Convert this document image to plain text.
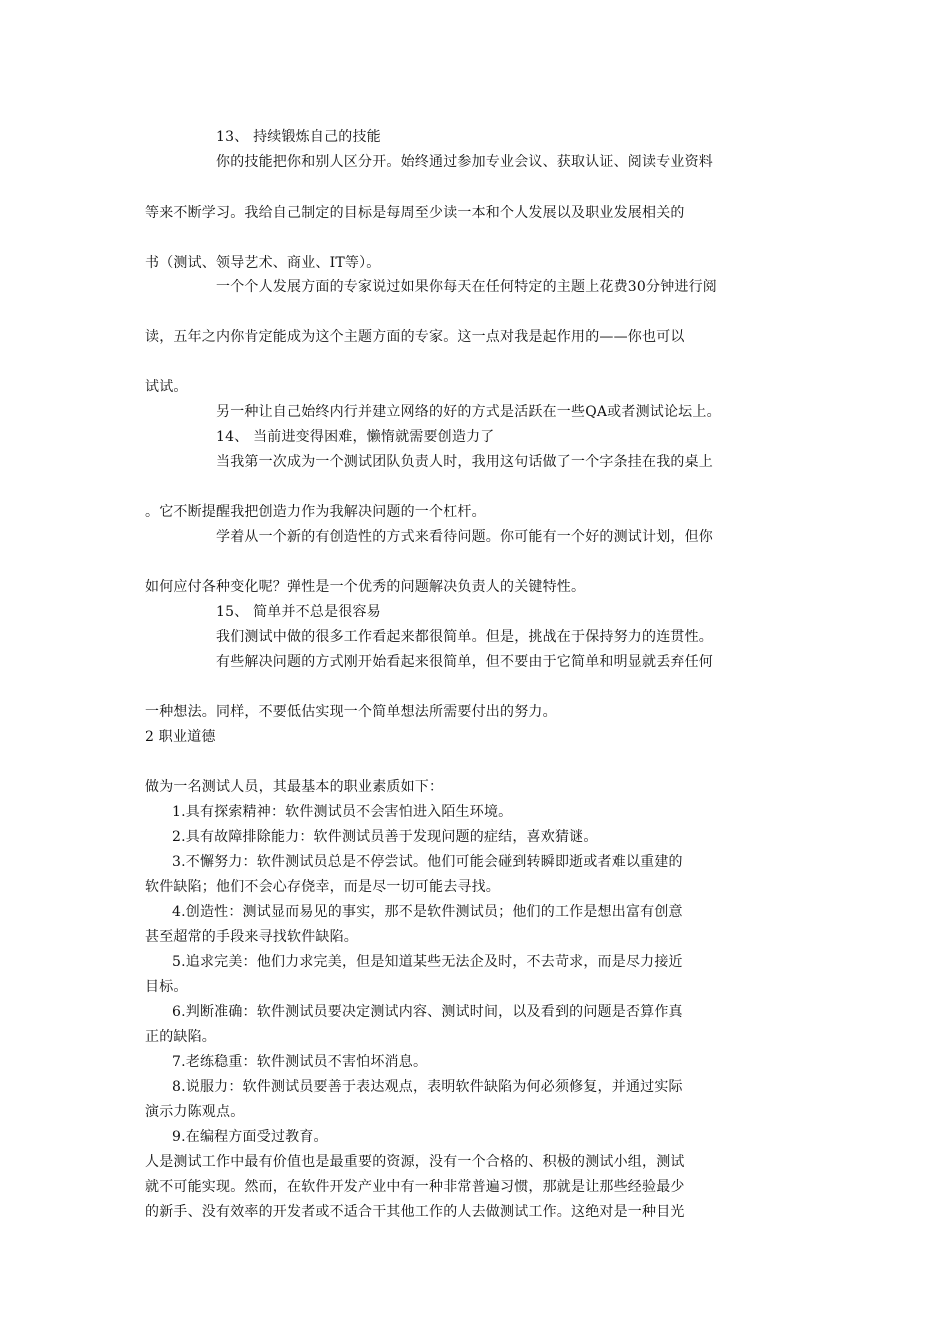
13、 持续锻炼自己的技能
你的技能把你和别人区分开。始终通过参加专业会议、获取认证、阅读专业资料
等来不断学习。我给自己制定的目标是每周至少读一本和个人发展以及职业发展相关的
书（测试、领导艺术、商业、IT等）。
一个个人发展方面的专家说过如果你每天在任何特定的主题上花费30分钟进行阅
读，五年之内你肯定能成为这个主题方面的专家。这一点对我是起作用的——你也可以
试试。
另一种让自己始终内行并建立网络的好的方式是活跃在一些QA或者测试论坛上。
14、 当前进变得困难，懒惰就需要创造力了
当我第一次成为一个测试团队负责人时，我用这句话做了一个字条挂在我的桌上
。它不断提醒我把创造力作为我解决问题的一个杠杆。
学着从一个新的有创造性的方式来看待问题。你可能有一个好的测试计划，但你
如何应付各种变化呢？弹性是一个优秀的问题解决负责人的关键特性。
15、 简单并不总是很容易
我们测试中做的很多工作看起来都很简单。但是，挑战在于保持努力的连贯性。
有些解决问题的方式刚开始看起来很简单，但不要由于它简单和明显就丢弃任何
一种想法。同样，不要低估实现一个简单想法所需要付出的努力。
2 职业道德
做为一名测试人员，其最基本的职业素质如下：
1.具有探索精神：软件测试员不会害怕进入陌生环境。
2.具有故障排除能力：软件测试员善于发现问题的症结，喜欢猜谜。
3.不懈努力：软件测试员总是不停尝试。他们可能会碰到转瞬即逝或者难以重建的
软件缺陷；他们不会心存侥幸，而是尽一切可能去寻找。
4.创造性：测试显而易见的事实，那不是软件测试员；他们的工作是想出富有创意
甚至超常的手段来寻找软件缺陷。
5.追求完美：他们力求完美，但是知道某些无法企及时，不去苛求，而是尽力接近
目标。
6.判断准确：软件测试员要决定测试内容、测试时间，以及看到的问题是否算作真
正的缺陷。
7.老练稳重：软件测试员不害怕坏消息。
8.说服力：软件测试员要善于表达观点，表明软件缺陷为何必须修复，并通过实际
演示力陈观点。
9.在编程方面受过教育。
人是测试工作中最有价值也是最重要的资源，没有一个合格的、积极的测试小组，测试
就不可能实现。然而，在软件开发产业中有一种非常普遍习惯，那就是让那些经验最少
的新手、没有效率的开发者或不适合干其他工作的人去做测试工作。这绝对是一种目光
